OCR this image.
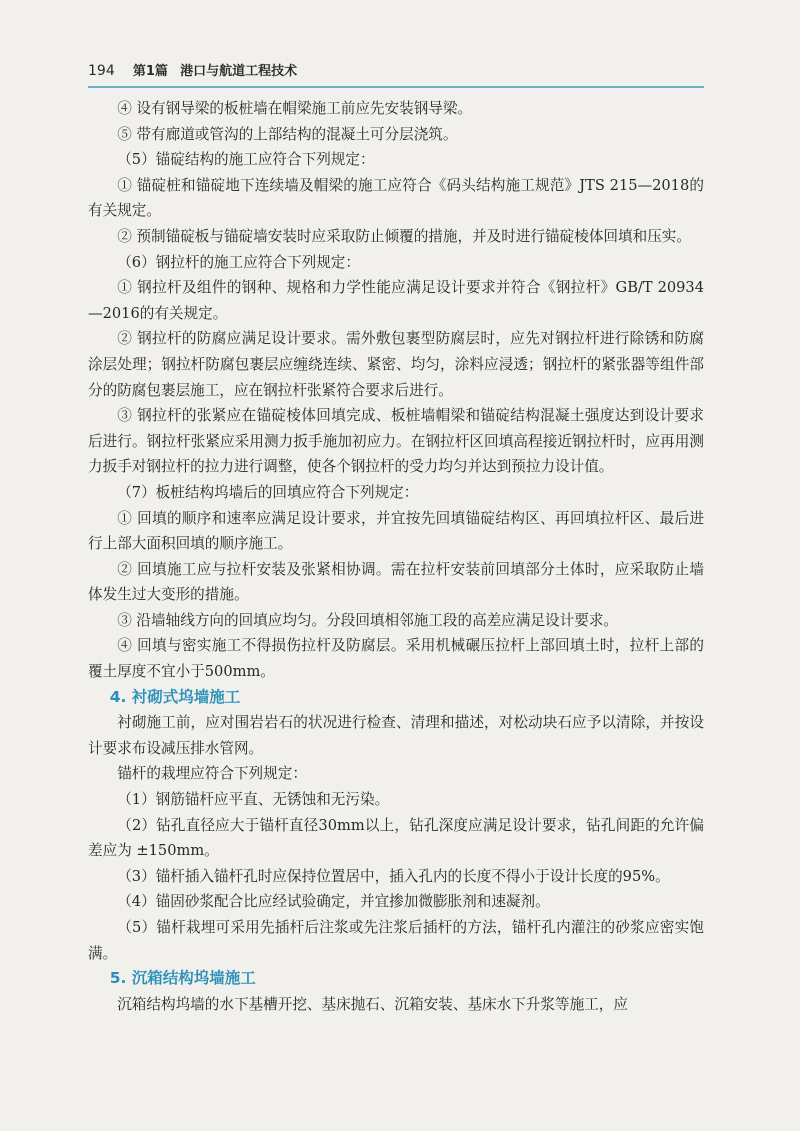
194 第1篇 港口与航道工程技术

④ 设有钢导梁的板桩墙在帽梁施工前应先安装钢导梁。

⑤ 带有廊道或管沟的上部结构的混凝土可分层浇筑。

（5）锚碇结构的施工应符合下列规定：

① 锚碇桩和锚碇地下连续墙及帽梁的施工应符合《码头结构施工规范》JTS 215—2018的有关规定。

② 预制锚碇板与锚碇墙安装时应采取防止倾覆的措施，并及时进行锚碇棱体回填和压实。

（6）钢拉杆的施工应符合下列规定：

① 钢拉杆及组件的钢种、规格和力学性能应满足设计要求并符合《钢拉杆》GB/T 20934—2016的有关规定。

② 钢拉杆的防腐应满足设计要求。需外敷包裹型防腐层时，应先对钢拉杆进行除锈和防腐涂层处理；钢拉杆防腐包裹层应缠绕连续、紧密、均匀，涂料应浸透；钢拉杆的紧张器等组件部分的防腐包裹层施工，应在钢拉杆张紧符合要求后进行。

③ 钢拉杆的张紧应在锚碇棱体回填完成、板桩墙帽梁和锚碇结构混凝土强度达到设计要求后进行。钢拉杆张紧应采用测力扳手施加初应力。在钢拉杆区回填高程接近钢拉杆时，应再用测力扳手对钢拉杆的拉力进行调整，使各个钢拉杆的受力均匀并达到预拉力设计值。

（7）板桩结构坞墙后的回填应符合下列规定：

① 回填的顺序和速率应满足设计要求，并宜按先回填锚碇结构区、再回填拉杆区、最后进行上部大面积回填的顺序施工。

② 回填施工应与拉杆安装及张紧相协调。需在拉杆安装前回填部分土体时，应采取防止墙体发生过大变形的措施。

③ 沿墙轴线方向的回填应均匀。分段回填相邻施工段的高差应满足设计要求。

④ 回填与密实施工不得损伤拉杆及防腐层。采用机械碾压拉杆上部回填土时，拉杆上部的覆土厚度不宜小于500mm。

4. 衬砌式坞墙施工

衬砌施工前，应对围岩岩石的状况进行检查、清理和描述，对松动块石应予以清除，并按设计要求布设减压排水管网。

锚杆的栽埋应符合下列规定：

（1）钢筋锚杆应平直、无锈蚀和无污染。

（2）钻孔直径应大于锚杆直径30mm以上，钻孔深度应满足设计要求，钻孔间距的允许偏差应为 ±150mm。

（3）锚杆插入锚杆孔时应保持位置居中，插入孔内的长度不得小于设计长度的95%。

（4）锚固砂浆配合比应经试验确定，并宜掺加微膨胀剂和速凝剂。

（5）锚杆栽埋可采用先插杆后注浆或先注浆后插杆的方法，锚杆孔内灌注的砂浆应密实饱满。

5. 沉箱结构坞墙施工

沉箱结构坞墙的水下基槽开挖、基床抛石、沉箱安装、基床水下升浆等施工，应
